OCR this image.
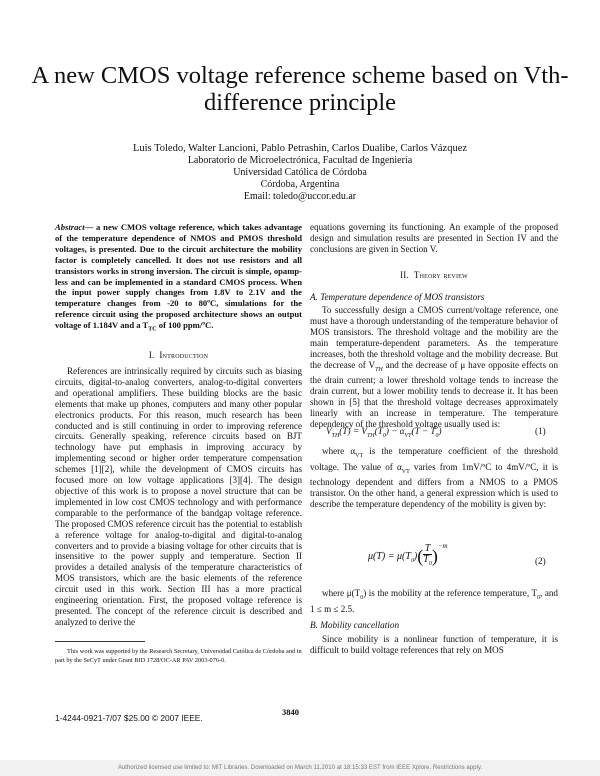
A new CMOS voltage reference scheme based on Vth-
difference principle
Luis Toledo, Walter Lancioni, Pablo Petrashin, Carlos Dualibe, Carlos Vázquez
Laboratorio de Microelectrónica, Facultad de Ingeniería
Universidad Católica de Córdoba
Córdoba, Argentina
Email: toledo@uccor.edu.ar
Abstract— a new CMOS voltage reference, which takes advantage of the temperature dependence of NMOS and PMOS threshold voltages, is presented. Due to the circuit architecture the mobility factor is completely cancelled. It does not use resistors and all transistors works in strong inversion. The circuit is simple, opamp-less and can be implemented in a standard CMOS process. When the input power supply changes from 1.8V to 2.1V and the temperature changes from -20 to 80ºC, simulations for the reference circuit using the proposed architecture shows an output voltage of 1.184V and a $T_{TC}$ of 100 ppm/ºC.
I. Introduction

References are intrinsically required by circuits such as biasing circuits, digital-to-analog converters, analog-to-digital converters and operational amplifiers. These building blocks are the basic elements that make up phones, computers and many other popular electronics products. For this reason, much research has been conducted and is still continuing in order to improving reference circuits. Generally speaking, reference circuits based on BJT technology have put emphasis in improving accuracy by implementing second or higher order temperature compensation schemes [1][2], while the development of CMOS circuits has focused more on low voltage applications [3][4]. The design objective of this work is to propose a novel structure that can be implemented in low cost CMOS technology and with performance comparable to the performance of the bandgap voltage reference. The proposed CMOS reference circuit has the potential to establish a reference voltage for analog-to-digital and digital-to-analog converters and to provide a biasing voltage for other circuits that is insensitive to the power supply and temperature. Section II provides a detailed analysis of the temperature characteristics of MOS transistors, which are the basic elements of the reference circuit used in this work. Section III has a more practical engineering orientation. First, the proposed voltage reference is presented. The concept of the reference circuit is described and analyzed to derive the

This work was supported by the Research Secretary, Universidad Católica de Córdoba and in part by the SeCyT under Grant BID 1728/OC-AR PAV 2003-076-0.

1-4244-0921-7/07 $25.00 © 2007 IEEE.
3840

equations governing its functioning. An example of the proposed design and simulation results are presented in Section IV and the conclusions are given in Section V.

II. Theory review
A. Temperature dependence of MOS transistors

To successfully design a CMOS current/voltage reference, one must have a thorough understanding of the temperature behavior of MOS transistors. The threshold voltage and the mobility are the main temperature-dependent parameters. As the temperature increases, both the threshold voltage and the mobility decrease. But the decrease of $V_{TH}$ and the decrease of μ have opposite effects on the drain current; a lower threshold voltage tends to increase the drain current, but a lower mobility tends to decrease it. It has been shown in [5] that the threshold voltage decreases approximately linearly with an increase in temperature. The temperature dependency of the threshold voltage usually used is:

$V_{TH}(T) = V_{TH}(T_0) - \alpha_{VT}(T - T_0)$	(1)

where $\alpha_{VT}$ is the temperature coefficient of the threshold voltage. The value of $\alpha_{VT}$ varies from 1mV/ºC to 4mV/ºC, it is technology dependent and differs from a NMOS to a PMOS transistor. On the other hand, a general expression which is used to describe the temperature dependency of the mobility is given by:

$\mu(T) = \mu(T_0)( \frac{T}{T_0} )^{-m}$
(2)

where $\mu(T_0)$ is the mobility at the reference temperature, $T_0$, and 1 ≤ m ≤ 2.5.

B. Mobility cancellation

Since mobility is a nonlinear function of temperature, it is difficult to build voltage references that rely on MOS

Authorized licensed use limited to: MIT Libraries. Downloaded on March 11,2010 at 18:15:33 EST from IEEE Xplore. Restrictions apply.
